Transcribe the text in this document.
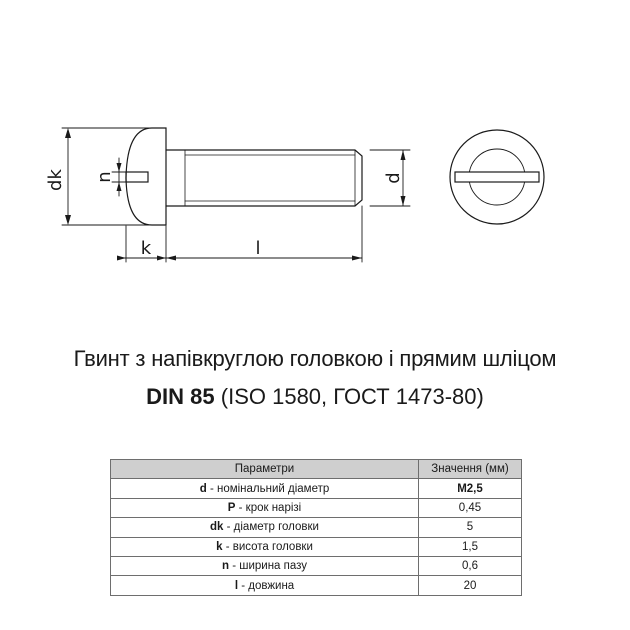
dk n
k	l
d
Гвинт з напівкруглою головкою і прямим шліцом
DIN 85 (ISO 1580, ГОСТ 1473-80)
Параметри	Значення (мм)
d - номінальний діаметр	M2,5
P - крок нарізі	0,45
dk - діаметр головки	5
k - висота головки	1,5
n - ширина пазу	0,6
l - довжина	20
